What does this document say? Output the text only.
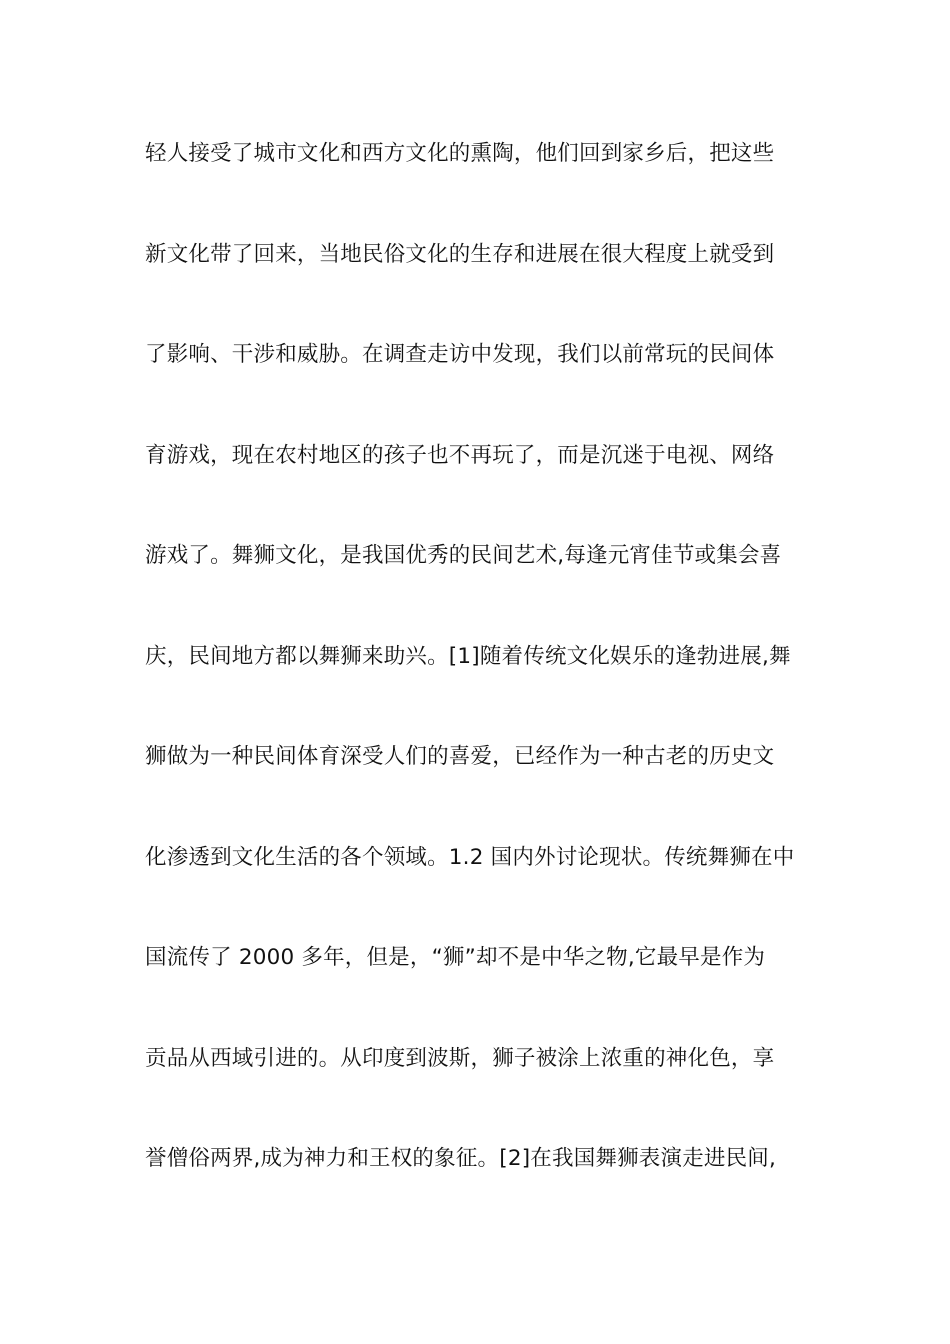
轻人接受了城市文化和西方文化的熏陶，他们回到家乡后，把这些
新文化带了回来，当地民俗文化的生存和进展在很大程度上就受到
了影响、干涉和威胁。在调查走访中发现，我们以前常玩的民间体
育游戏，现在农村地区的孩子也不再玩了，而是沉迷于电视、网络
游戏了。舞狮文化，是我国优秀的民间艺术,每逢元宵佳节或集会喜
庆，民间地方都以舞狮来助兴。[1]随着传统文化娱乐的逢勃进展,舞
狮做为一种民间体育深受人们的喜爱，已经作为一种古老的历史文
化渗透到文化生活的各个领域。1.2 国内外讨论现状。传统舞狮在中
国流传了 2000 多年，但是，“狮”却不是中华之物,它最早是作为
贡品从西域引进的。从印度到波斯，狮子被涂上浓重的神化色，享
誉僧俗两界,成为神力和王权的象征。[2]在我国舞狮表演走进民间,
